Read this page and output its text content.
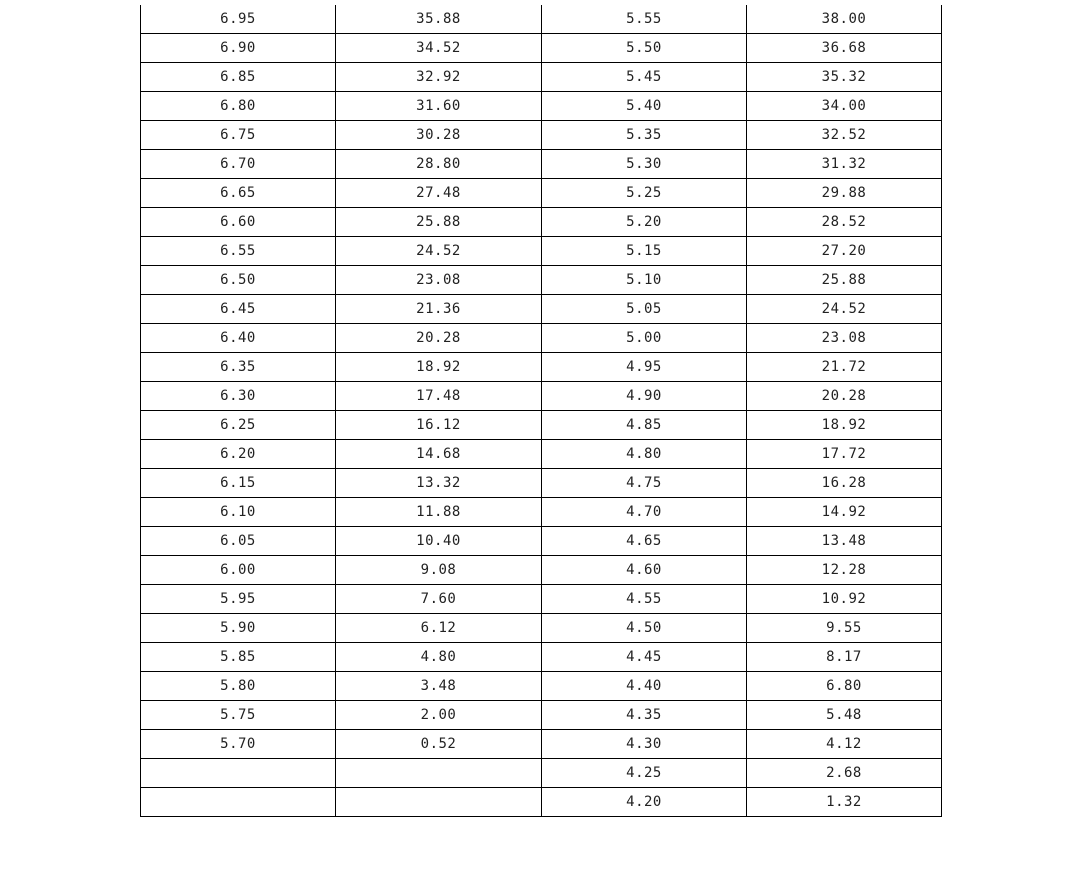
6.95	35.88	5.55	38.00
6.90	34.52	5.50	36.68
6.85	32.92	5.45	35.32
6.80	31.60	5.40	34.00
6.75	30.28	5.35	32.52
6.70	28.80	5.30	31.32
6.65	27.48	5.25	29.88
6.60	25.88	5.20	28.52
6.55	24.52	5.15	27.20
6.50	23.08	5.10	25.88
6.45	21.36	5.05	24.52
6.40	20.28	5.00	23.08
6.35	18.92	4.95	21.72
6.30	17.48	4.90	20.28
6.25	16.12	4.85	18.92
6.20	14.68	4.80	17.72
6.15	13.32	4.75	16.28
6.10	11.88	4.70	14.92
6.05	10.40	4.65	13.48
6.00	9.08	4.60	12.28
5.95	7.60	4.55	10.92
5.90	6.12	4.50	9.55
5.85	4.80	4.45	8.17
5.80	3.48	4.40	6.80
5.75	2.00	4.35	5.48
5.70	0.52	4.30	4.12
		4.25	2.68
		4.20	1.32
